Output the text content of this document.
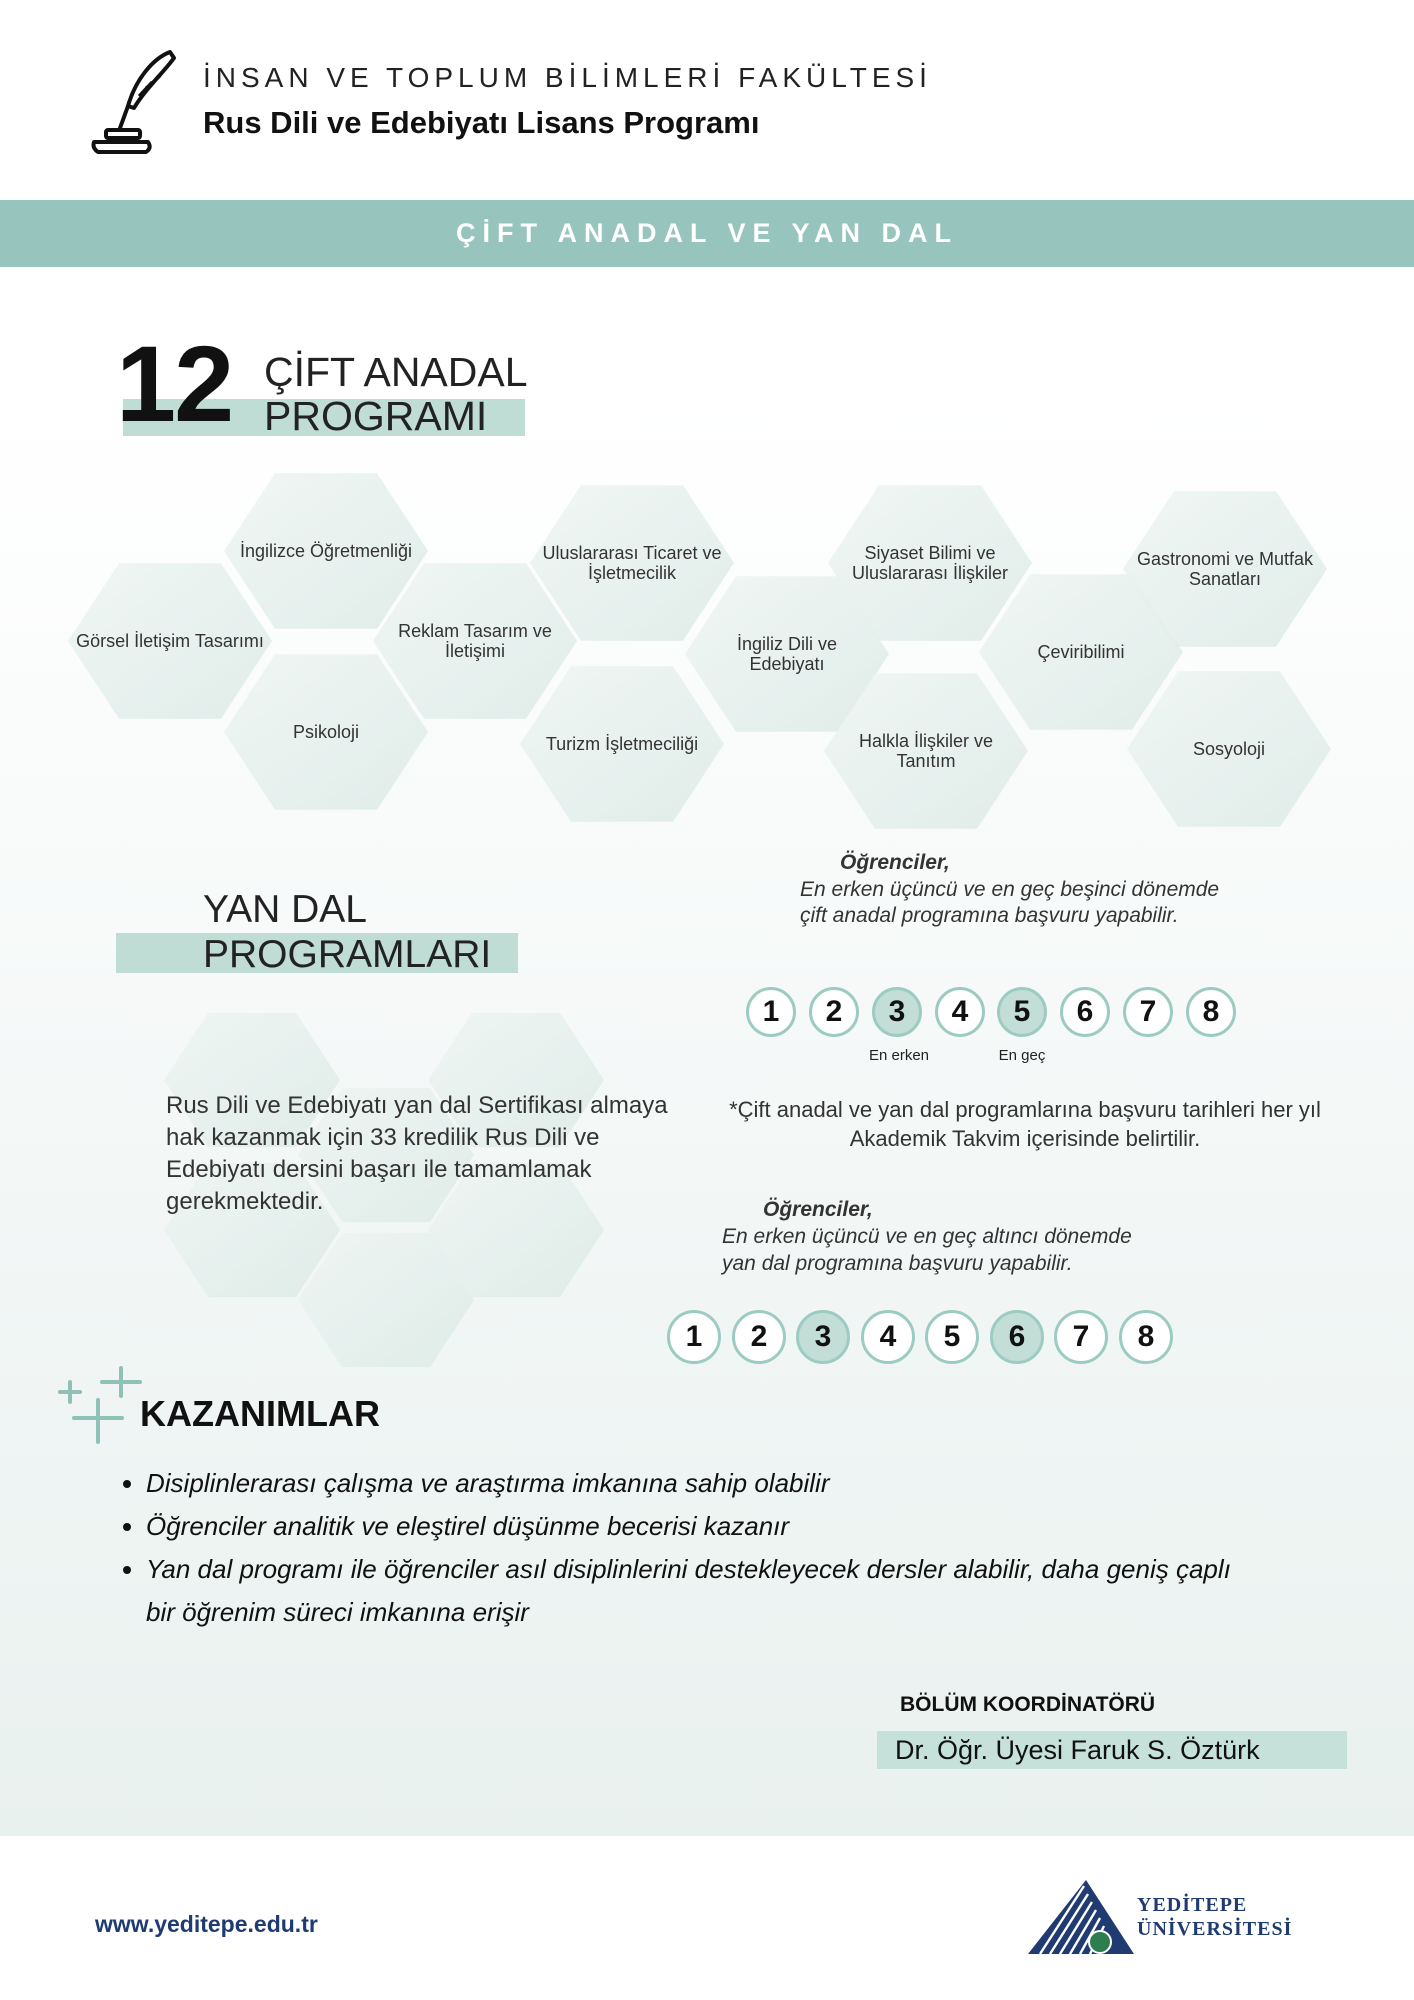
İNSAN VE TOPLUM BİLİMLERİ FAKÜLTESİ
Rus Dili ve Edebiyatı Lisans Programı
ÇİFT ANADAL VE YAN DAL
12 ÇİFT ANADAL
PROGRAMI
Görsel İletişim Tasarımı
İngilizce Öğretmenliği
Psikoloji
Reklam Tasarım ve İletişimi
Uluslararası Ticaret ve İşletmecilik
Turizm İşletmeciliği
İngiliz Dili ve Edebiyatı
Siyaset Bilimi ve Uluslararası İlişkiler
Halkla İlişkiler ve Tanıtım
Çeviribilimi
Gastronomi ve Mutfak Sanatları
Sosyoloji
Öğrenciler,
En erken üçüncü ve en geç beşinci dönemde
çift anadal programına başvuru yapabilir.
1	2	3	4	5	6	7	8
En erken	En geç
YAN DAL
PROGRAMLARI
Rus Dili ve Edebiyatı yan dal Sertifikası almaya hak kazanmak için 33 kredilik Rus Dili ve Edebiyatı dersini başarı ile tamamlamak gerekmektedir.
*Çift anadal ve yan dal programlarına başvuru tarihleri her yıl Akademik Takvim içerisinde belirtilir.
Öğrenciler,
En erken üçüncü ve en geç altıncı dönemde
yan dal programına başvuru yapabilir.
1	2	3	4	5	6	7	8
KAZANIMLAR
• Disiplinlerarası çalışma ve araştırma imkanına sahip olabilir
• Öğrenciler analitik ve eleştirel düşünme becerisi kazanır
• Yan dal programı ile öğrenciler asıl disiplinlerini destekleyecek dersler alabilir, daha geniş çaplı bir öğrenim süreci imkanına erişir
BÖLÜM KOORDİNATÖRÜ
Dr. Öğr. Üyesi Faruk S. Öztürk
www.yeditepe.edu.tr
YEDİTEPE
ÜNİVERSİTESİ
